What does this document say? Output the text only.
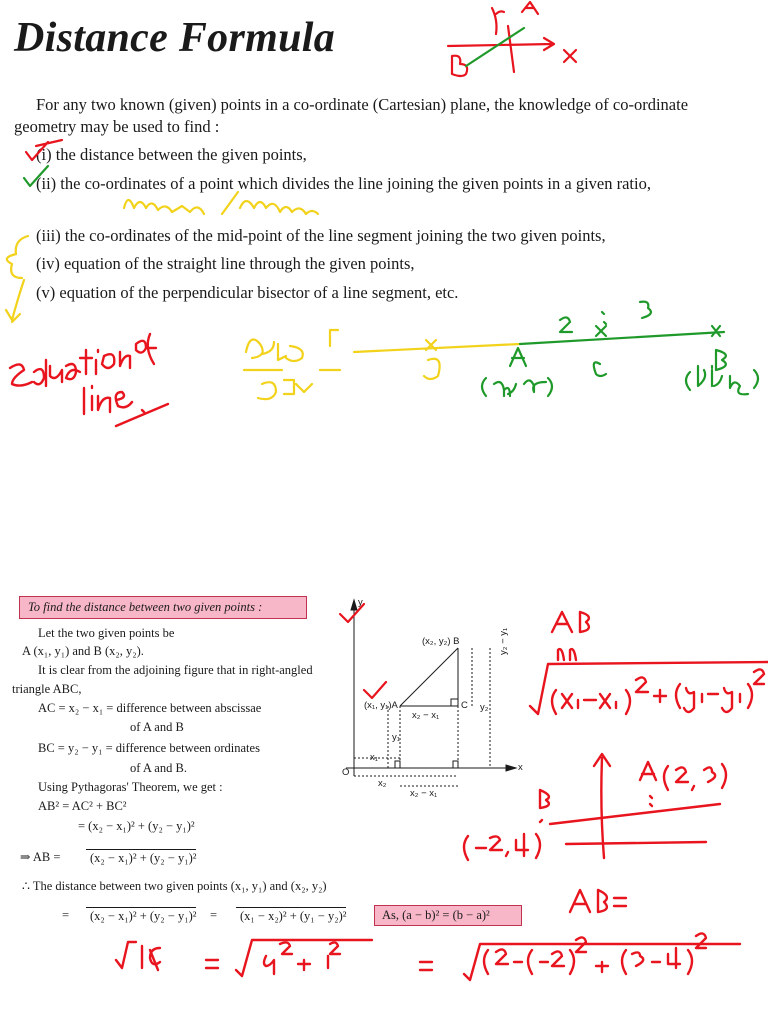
Distance Formula
For any two known (given) points in a co-ordinate (Cartesian) plane, the knowledge of co-ordinate geometry may be used to find :
(i) the distance between the given points,
(ii) the co-ordinates of a point which divides the line joining the given points in a given ratio,
(iii) the co-ordinates of the mid-point of the line segment joining the two given points,
(iv) equation of the straight line through the given points,
(v) equation of the perpendicular bisector of a line segment, etc.
To find the distance between two given points :
Let the two given points be
A (x₁, y₁) and B (x₂, y₂).
It is clear from the adjoining figure that in right-angled
triangle ABC,
AC = x₂ − x₁ = difference between abscissae
of A and B
BC = y₂ − y₁ = difference between ordinates
of A and B.
Using Pythagoras' Theorem, we get :
AB² = AC² + BC²
= (x₂ − x₁)² + (y₂ − y₁)²
⇒ AB =	(x₂ − x₁)² + (y₂ − y₁)²
∴ The distance between two given points (x₁, y₁) and (x₂, y₂)
=	(x₂ − x₁)² + (y₂ − y₁)² =	(x₁ − x₂)² + (y₁ − y₂)²	As, (a − b)² = (b − a)²
y
x
O
(x₂, y₂) B
(x₁, y₁)A	C
x₂ − x₁
y₁
y₂
y₂ − y₁
x₁
x₂
x₂ − x₁
